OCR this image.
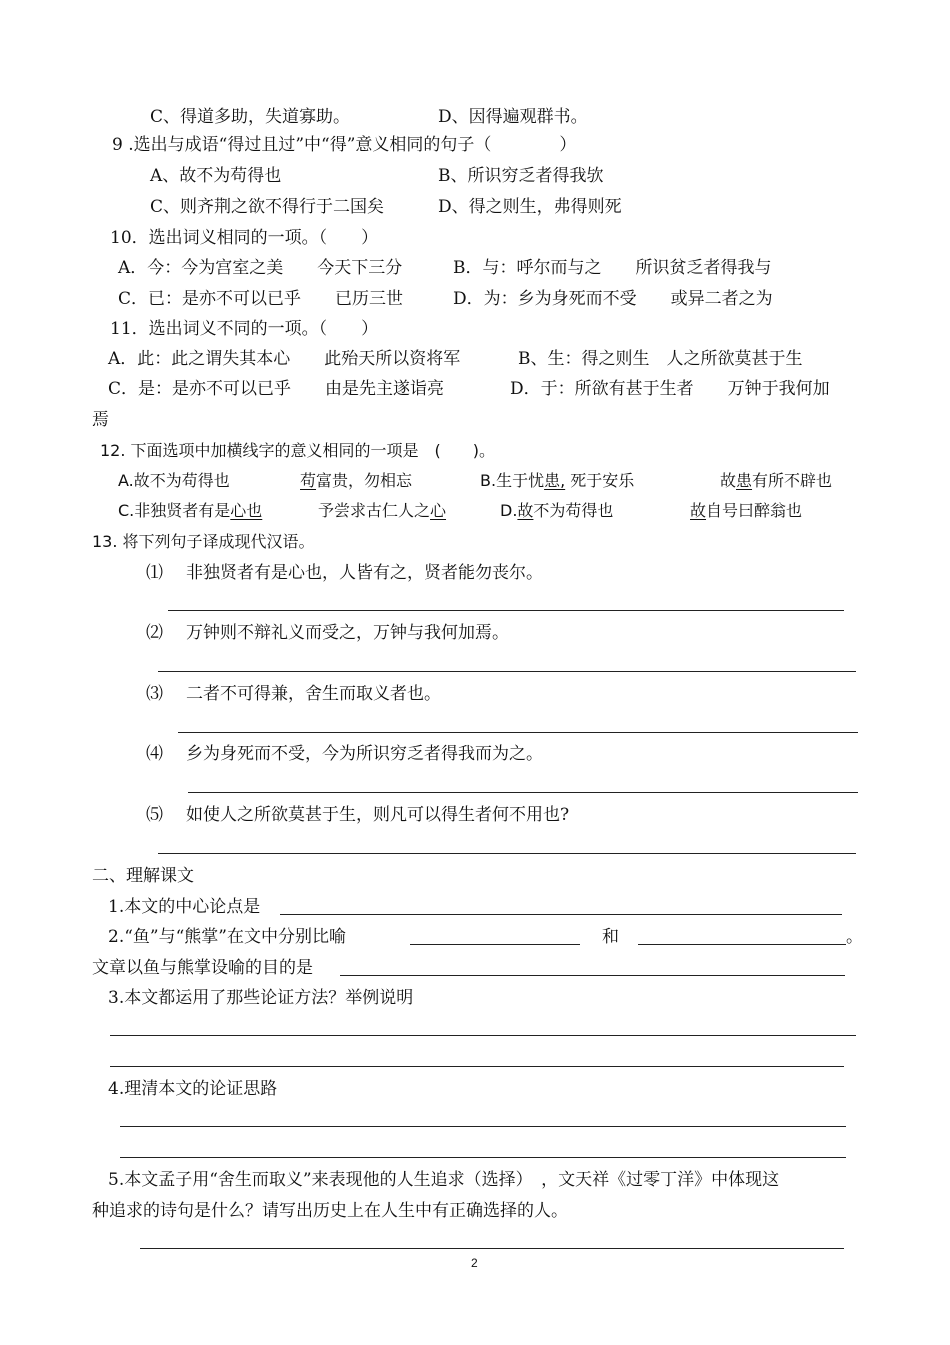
C、得道多助，失道寡助。	D、因得遍观群书。
9 .选出与成语“得过且过”中“得”意义相同的句子（　　　　）
A、故不为苟得也	B、所识穷乏者得我欤
C、则齐荆之欲不得行于二国矣	D、得之则生，弗得则死
10．选出词义相同的一项。（　　）
A．今：今为宫室之美　　今天下三分	B．与：呼尔而与之　　所识贫乏者得我与
C．已：是亦不可以已乎　　已历三世	D．为：乡为身死而不受　　或异二者之为
11．选出词义不同的一项。（　　）
A．此：此之谓失其本心　　此殆天所以资将军	B、生：得之则生　人之所欲莫甚于生
C．是：是亦不可以已乎　　由是先主遂诣亮	D．于：所欲有甚于生者　　万钟于我何加
焉
12. 下面选项中加横线字的意义相同的一项是　(　　)。
A.故不为苟得也	苟富贵，勿相忘	B.生于忧患, 死于安乐	故患有所不辟也
C.非独贤者有是心也	予尝求古仁人之心　	D.故不为苟得也	故自号曰醉翁也
13. 将下列句子译成现代汉语。
⑴ 非独贤者有是心也，人皆有之，贤者能勿丧尔。
⑵ 万钟则不辩礼义而受之，万钟与我何加焉。
⑶ 二者不可得兼，舍生而取义者也。
⑷ 乡为身死而不受，今为所识穷乏者得我而为之。
⑸ 如使人之所欲莫甚于生，则凡可以得生者何不用也?
二、理解课文
1.本文的中心论点是
2.“鱼”与“熊掌”在文中分别比喻	和	。
文章以鱼与熊掌设喻的目的是
3.本文都运用了那些论证方法？举例说明
4.理清本文的论证思路
5.本文孟子用“舍生而取义”来表现他的人生追求（选择）　，文天祥《过零丁洋》中体现这
种追求的诗句是什么？请写出历史上在人生中有正确选择的人。
2
